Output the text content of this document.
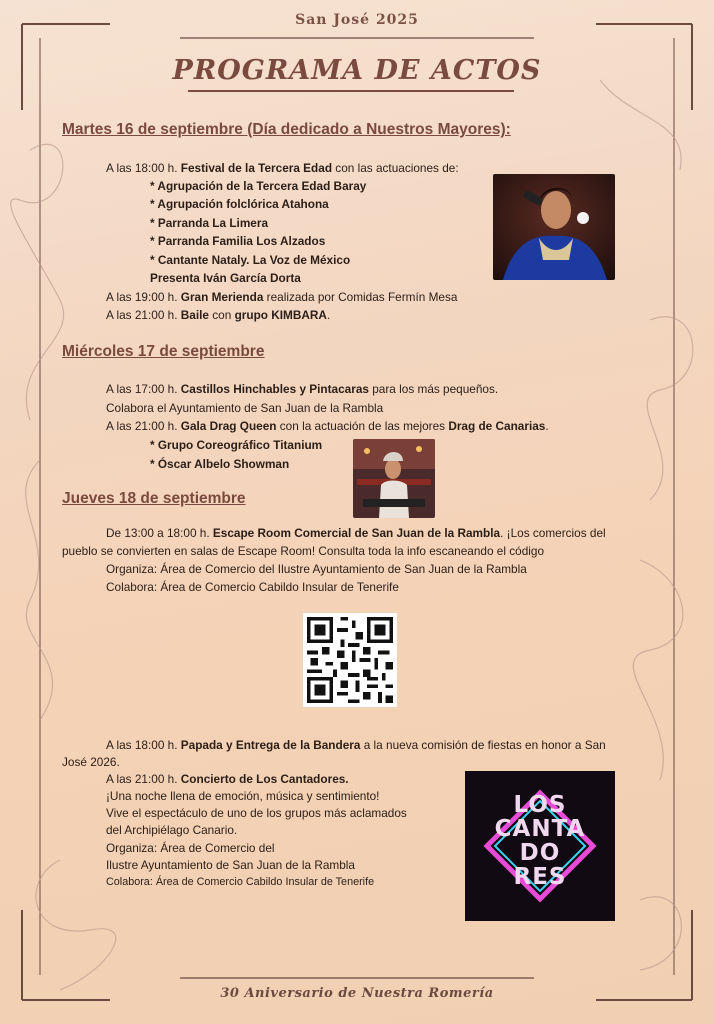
San José 2025
PROGRAMA DE ACTOS
Martes 16 de septiembre (Día dedicado a Nuestros Mayores):
A las 18:00 h. Festival de la Tercera Edad con las actuaciones de:
* Agrupación de la Tercera Edad Baray
* Agrupación folclórica Atahona
* Parranda La Limera
* Parranda Familia Los Alzados
* Cantante Nataly. La Voz de México
Presenta Iván García Dorta
A las 19:00 h. Gran Merienda realizada por Comidas Fermín Mesa
A las 21:00 h. Baile con grupo KIMBARA.
Miércoles 17 de septiembre
A las 17:00 h. Castillos Hinchables y Pintacaras para los más pequeños.
Colabora el Ayuntamiento de San Juan de la Rambla
A las 21:00 h. Gala Drag Queen con la actuación de las mejores Drag de Canarias.
* Grupo Coreográfico Titanium
* Óscar Albelo Showman
Jueves 18 de septiembre
De 13:00 a 18:00 h. Escape Room Comercial de San Juan de la Rambla. ¡Los comercios del
pueblo se convierten en salas de Escape Room! Consulta toda la info escaneando el código
Organiza: Área de Comercio del Ilustre Ayuntamiento de San Juan de la Rambla
Colabora: Área de Comercio Cabildo Insular de Tenerife
A las 18:00 h. Papada y Entrega de la Bandera a la nueva comisión de fiestas en honor a San
José 2026.
A las 21:00 h. Concierto de Los Cantadores.
¡Una noche llena de emoción, música y sentimiento!
Vive el espectáculo de uno de los grupos más aclamados
del Archipiélago Canario.
Organiza: Área de Comercio del
Ilustre Ayuntamiento de San Juan de la Rambla
Colabora: Área de Comercio Cabildo Insular de Tenerife
LOS
CANTA
DO
RES
30 Aniversario de Nuestra Romería
